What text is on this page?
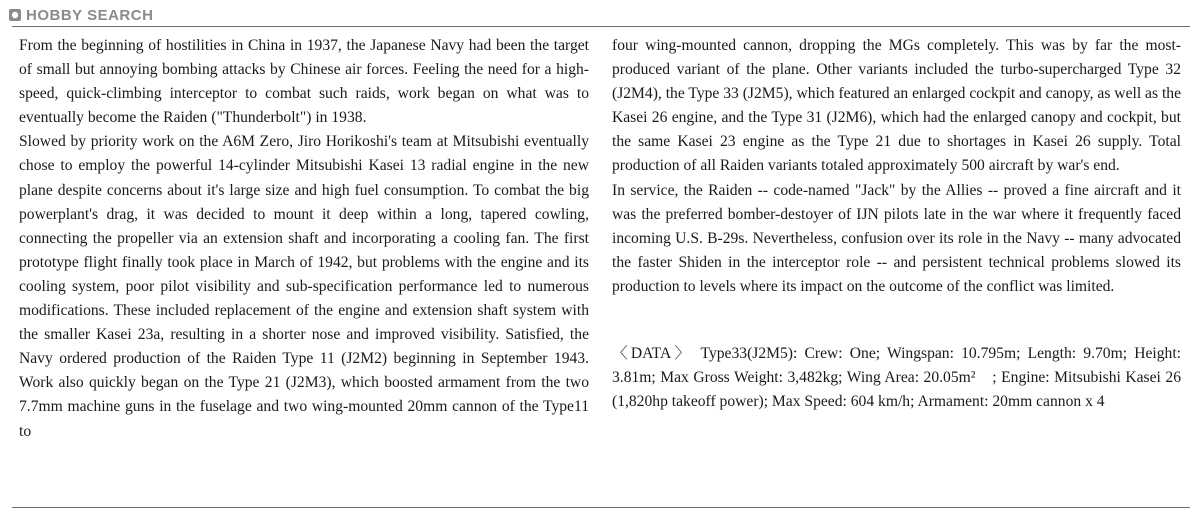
HOBBY SEARCH

From the beginning of hostilities in China in 1937, the Japanese Navy had been the target of small but annoying bombing attacks by Chinese air forces. Feeling the need for a high-speed, quick-climbing interceptor to combat such raids, work began on what was to eventually become the Raiden ("Thunderbolt") in 1938.

Slowed by priority work on the A6M Zero, Jiro Horikoshi's team at Mitsubishi eventually chose to employ the powerful 14-cylinder Mitsubishi Kasei 13 radial engine in the new plane despite concerns about it's large size and high fuel consumption. To combat the big powerplant's drag, it was decided to mount it deep within a long, tapered cowling, connecting the propeller via an extension shaft and incorporating a cooling fan. The first prototype flight finally took place in March of 1942, but problems with the engine and its cooling system, poor pilot visibility and sub-specification performance led to numerous modifications. These included replacement of the engine and extension shaft system with the smaller Kasei 23a, resulting in a shorter nose and improved visibility. Satisfied, the Navy ordered production of the Raiden Type 11 (J2M2) beginning in September 1943. Work also quickly began on the Type 21 (J2M3), which boosted armament from the two 7.7mm machine guns in the fuselage and two wing-mounted 20mm cannon of the Type11 to

four wing-mounted cannon, dropping the MGs completely. This was by far the most-produced variant of the plane. Other variants included the turbo-supercharged Type 32 (J2M4), the Type 33 (J2M5), which featured an enlarged cockpit and canopy, as well as the Kasei 26 engine, and the Type 31 (J2M6), which had the enlarged canopy and cockpit, but the same Kasei 23 engine as the Type 21 due to shortages in Kasei 26 supply. Total production of all Raiden variants totaled approximately 500 aircraft by war's end.

In service, the Raiden -- code-named "Jack" by the Allies -- proved a fine aircraft and it was the preferred bomber-destoyer of IJN pilots late in the war where it frequently faced incoming U.S. B-29s. Nevertheless, confusion over its role in the Navy -- many advocated the faster Shiden in the interceptor role -- and persistent technical problems slowed its production to levels where its impact on the outcome of the conflict was limited.

〈DATA〉 Type33(J2M5): Crew: One; Wingspan: 10.795m; Length: 9.70m; Height: 3.81m; Max Gross Weight: 3,482kg; Wing Area: 20.05m²　; Engine: Mitsubishi Kasei 26 (1,820hp takeoff power); Max Speed: 604 km/h; Armament: 20mm cannon x 4
